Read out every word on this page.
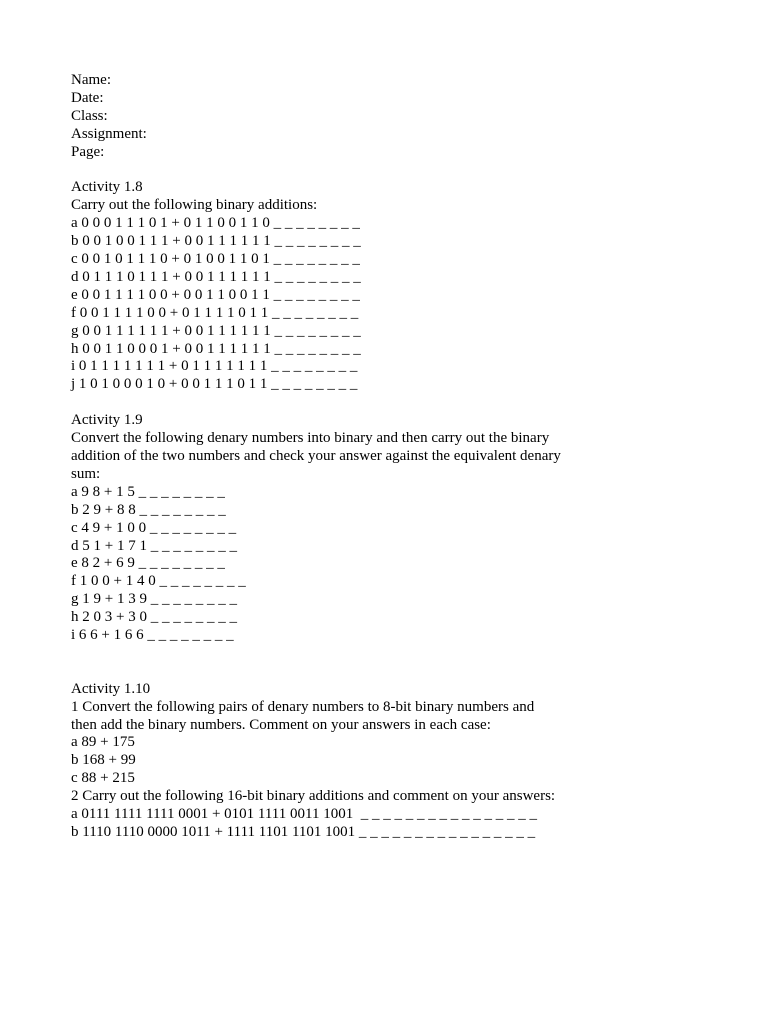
Name:
Date:
Class:
Assignment:
Page:
Activity 1.8
Carry out the following binary additions:
a 0 0 0 1 1 1 0 1 + 0 1 1 0 0 1 1 0 _ _ _ _ _ _ _ _
b 0 0 1 0 0 1 1 1 + 0 0 1 1 1 1 1 1 _ _ _ _ _ _ _ _
c 0 0 1 0 1 1 1 0 + 0 1 0 0 1 1 0 1 _ _ _ _ _ _ _ _
d 0 1 1 1 0 1 1 1 + 0 0 1 1 1 1 1 1 _ _ _ _ _ _ _ _
e 0 0 1 1 1 1 0 0 + 0 0 1 1 0 0 1 1 _ _ _ _ _ _ _ _
f 0 0 1 1 1 1 0 0 + 0 1 1 1 1 0 1 1 _ _ _ _ _ _ _ _
g 0 0 1 1 1 1 1 1 + 0 0 1 1 1 1 1 1 _ _ _ _ _ _ _ _
h 0 0 1 1 0 0 0 1 + 0 0 1 1 1 1 1 1 _ _ _ _ _ _ _ _
i 0 1 1 1 1 1 1 1 + 0 1 1 1 1 1 1 1 _ _ _ _ _ _ _ _
j 1 0 1 0 0 0 1 0 + 0 0 1 1 1 0 1 1 _ _ _ _ _ _ _ _
Activity 1.9
Convert the following denary numbers into binary and then carry out the binary addition of the two numbers and check your answer against the equivalent denary sum:
a 9 8 + 1 5 _ _ _ _ _ _ _ _
b 2 9 + 8 8 _ _ _ _ _ _ _ _
c 4 9 + 1 0 0 _ _ _ _ _ _ _ _
d 5 1 + 1 7 1 _ _ _ _ _ _ _ _
e 8 2 + 6 9 _ _ _ _ _ _ _ _
f 1 0 0 + 1 4 0 _ _ _ _ _ _ _ _
g 1 9 + 1 3 9 _ _ _ _ _ _ _ _
h 2 0 3 + 3 0 _ _ _ _ _ _ _ _
i 6 6 + 1 6 6 _ _ _ _ _ _ _ _
Activity 1.10
1 Convert the following pairs of denary numbers to 8-bit binary numbers and then add the binary numbers. Comment on your answers in each case:
a 89 + 175
b 168 + 99
c 88 + 215
2 Carry out the following 16-bit binary additions and comment on your answers:
a 0111 1111 1111 0001 + 0101 1111 0011 1001  _ _ _ _ _ _ _ _ _ _ _ _ _ _ _ _
b 1110 1110 0000 1011 + 1111 1101 1101 1001 _ _ _ _ _ _ _ _ _ _ _ _ _ _ _ _
